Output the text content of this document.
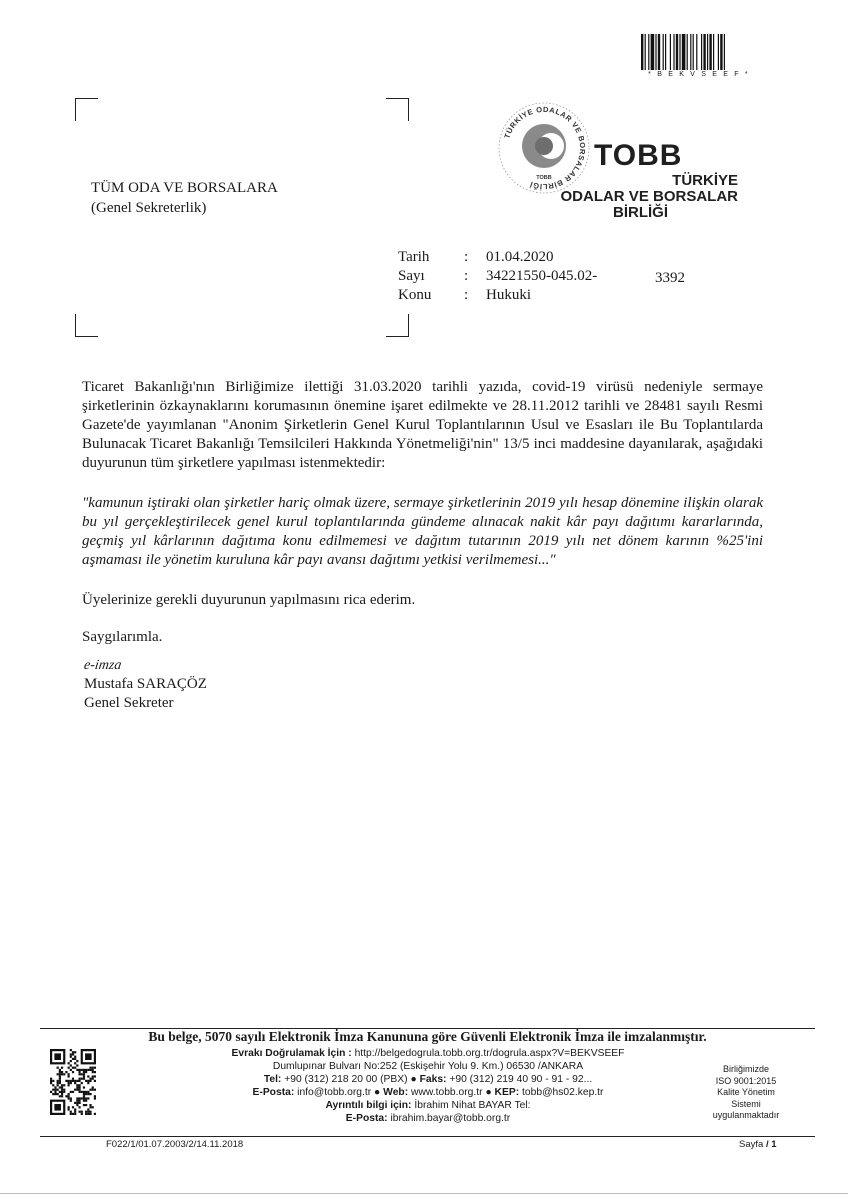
* B E K V S E E F *
TÜM ODA VE BORSALARA
(Genel Sekreterlik)
TÜRKİYE ODALAR VE BORSALAR BİRLİĞİ
TOBB
TOBB
TÜRKİYE
ODALAR VE BORSALAR
BİRLİĞİ
Tarih	:	01.04.2020
Sayı	:	34221550-045.02-
Konu	:	Hukuki
3392

Ticaret Bakanlığı'nın Birliğimize ilettiği 31.03.2020 tarihli yazıda, covid-19 virüsü nedeniyle sermaye şirketlerinin özkaynaklarını korumasının önemine işaret edilmekte ve 28.11.2012 tarihli ve 28481 sayılı Resmi Gazete'de yayımlanan "Anonim Şirketlerin Genel Kurul Toplantılarının Usul ve Esasları ile Bu Toplantılarda Bulunacak Ticaret Bakanlığı Temsilcileri Hakkında Yönetmeliği'nin" 13/5 inci maddesine dayanılarak, aşağıdaki duyurunun tüm şirketlere yapılması istenmektedir:

"kamunun iştiraki olan şirketler hariç olmak üzere, sermaye şirketlerinin 2019 yılı hesap dönemine ilişkin olarak bu yıl gerçekleştirilecek genel kurul toplantılarında gündeme alınacak nakit kâr payı dağıtımı kararlarında, geçmiş yıl kârlarının dağıtıma konu edilmemesi ve dağıtım tutarının 2019 yılı net dönem karının %25'ini aşmaması ile yönetim kuruluna kâr payı avansı dağıtımı yetkisi verilmemesi..."

Üyelerinize gerekli duyurunun yapılmasını rica ederim.

Saygılarımla.

e-imza
Mustafa SARAÇÖZ
Genel Sekreter
Bu belge, 5070 sayılı Elektronik İmza Kanununa göre Güvenli Elektronik İmza ile imzalanmıştır.
Evrakı Doğrulamak İçin : http://belgedogrula.tobb.org.tr/dogrula.aspx?V=BEKVSEEF
Dumlupınar Bulvarı No:252 (Eskişehir Yolu 9. Km.) 06530 /ANKARA
Tel: +90 (312) 218 20 00 (PBX) ● Faks: +90 (312) 219 40 90 - 91 - 92...
E-Posta: info@tobb.org.tr ● Web: www.tobb.org.tr ● KEP: tobb@hs02.kep.tr
Ayrıntılı bilgi için: İbrahim Nihat BAYAR Tel:
E-Posta: ibrahim.bayar@tobb.org.tr
Birliğimizde
ISO 9001:2015
Kalite Yönetim
Sistemi
uygulanmaktadır
F022/1/01.07.2003/2/14.11.2018	Sayfa / 1
